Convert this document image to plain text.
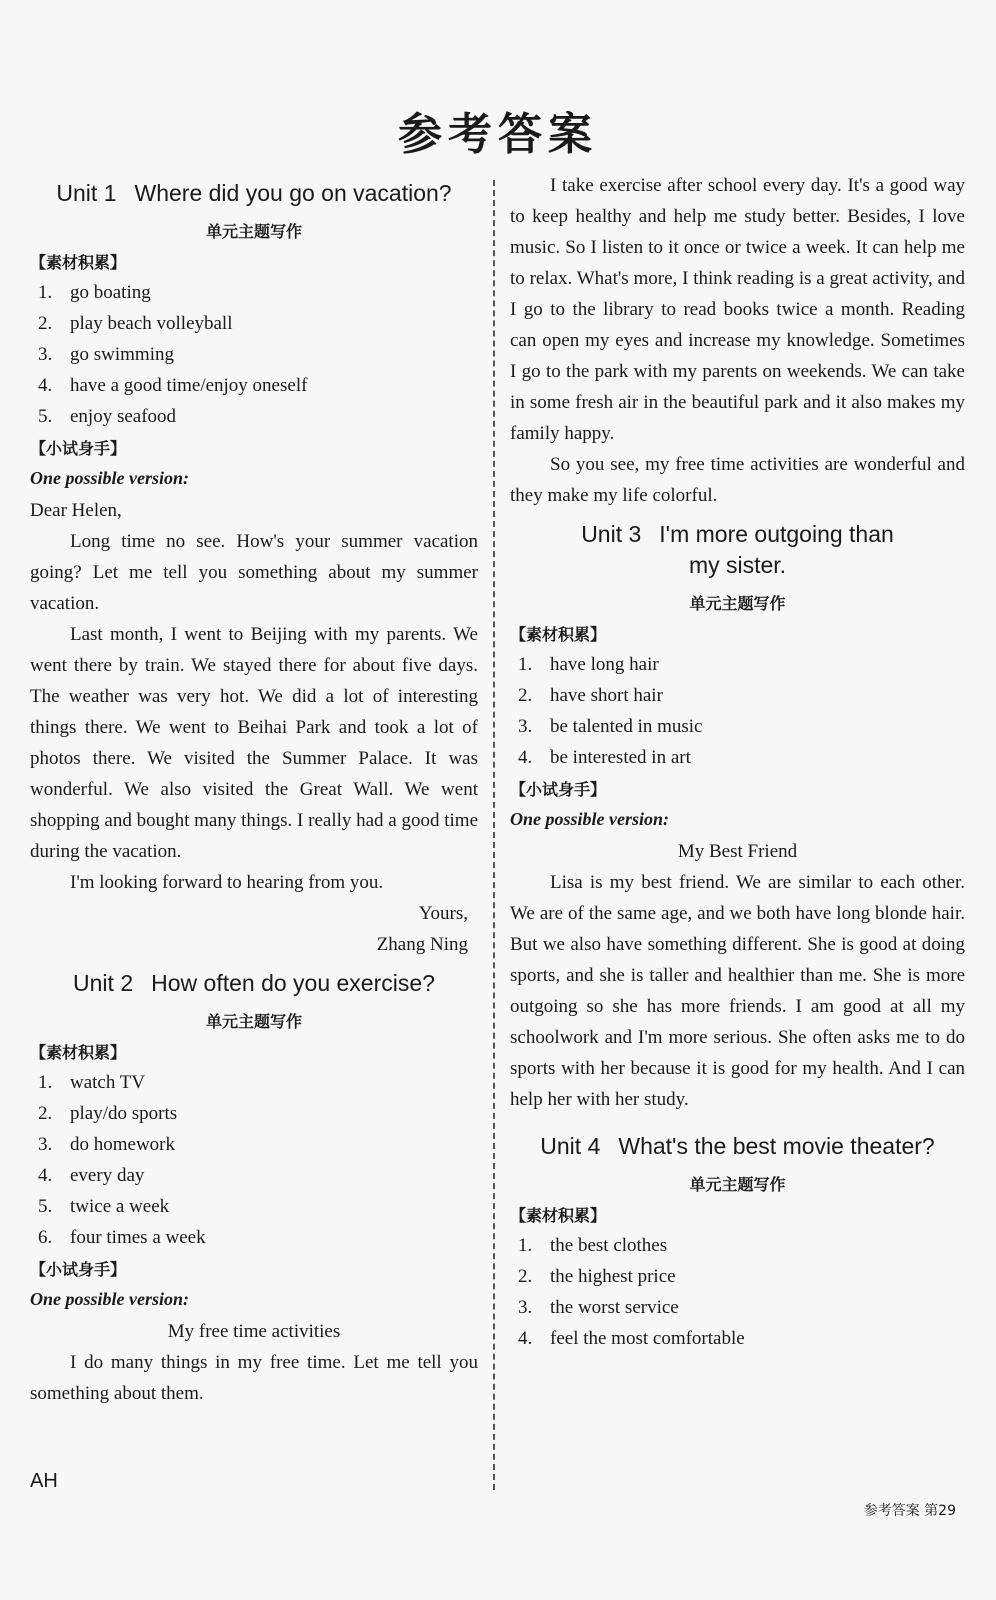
参考答案
Unit 1 Where did you go on vacation?
单元主题写作
【素材积累】
1. go boating
2. play beach volleyball
3. go swimming
4. have a good time/enjoy oneself
5. enjoy seafood
【小试身手】
One possible version:

Dear Helen,

Long time no see. How's your summer vacation going? Let me tell you something about my summer vacation.

Last month, I went to Beijing with my parents. We went there by train. We stayed there for about five days. The weather was very hot. We did a lot of interesting things there. We went to Beihai Park and took a lot of photos there. We visited the Summer Palace. It was wonderful. We also visited the Great Wall. We went shopping and bought many things. I really had a good time during the vacation.

I'm looking forward to hearing from you.

Yours,

Zhang Ning

Unit 2 How often do you exercise?
单元主题写作
【素材积累】
1. watch TV
2. play/do sports
3. do homework
4. every day
5. twice a week
6. four times a week
【小试身手】
One possible version:

My free time activities

I do many things in my free time. Let me tell you something about them.

I take exercise after school every day. It's a good way to keep healthy and help me study better. Besides, I love music. So I listen to it once or twice a week. It can help me to relax. What's more, I think reading is a great activity, and I go to the library to read books twice a month. Reading can open my eyes and increase my knowledge. Sometimes I go to the park with my parents on weekends. We can take in some fresh air in the beautiful park and it also makes my family happy.

So you see, my free time activities are wonderful and they make my life colorful.

Unit 3 I'm more outgoing than
my sister.
单元主题写作
【素材积累】
1. have long hair
2. have short hair
3. be talented in music
4. be interested in art
【小试身手】
One possible version:

My Best Friend

Lisa is my best friend. We are similar to each other. We are of the same age, and we both have long blonde hair. But we also have something different. She is good at doing sports, and she is taller and healthier than me. She is more outgoing so she has more friends. I am good at all my schoolwork and I'm more serious. She often asks me to do sports with her because it is good for my health. And I can help her with her study.

Unit 4 What's the best movie theater?
单元主题写作
【素材积累】
1. the best clothes
2. the highest price
3. the worst service
4. feel the most comfortable
AH
参考答案 第29
